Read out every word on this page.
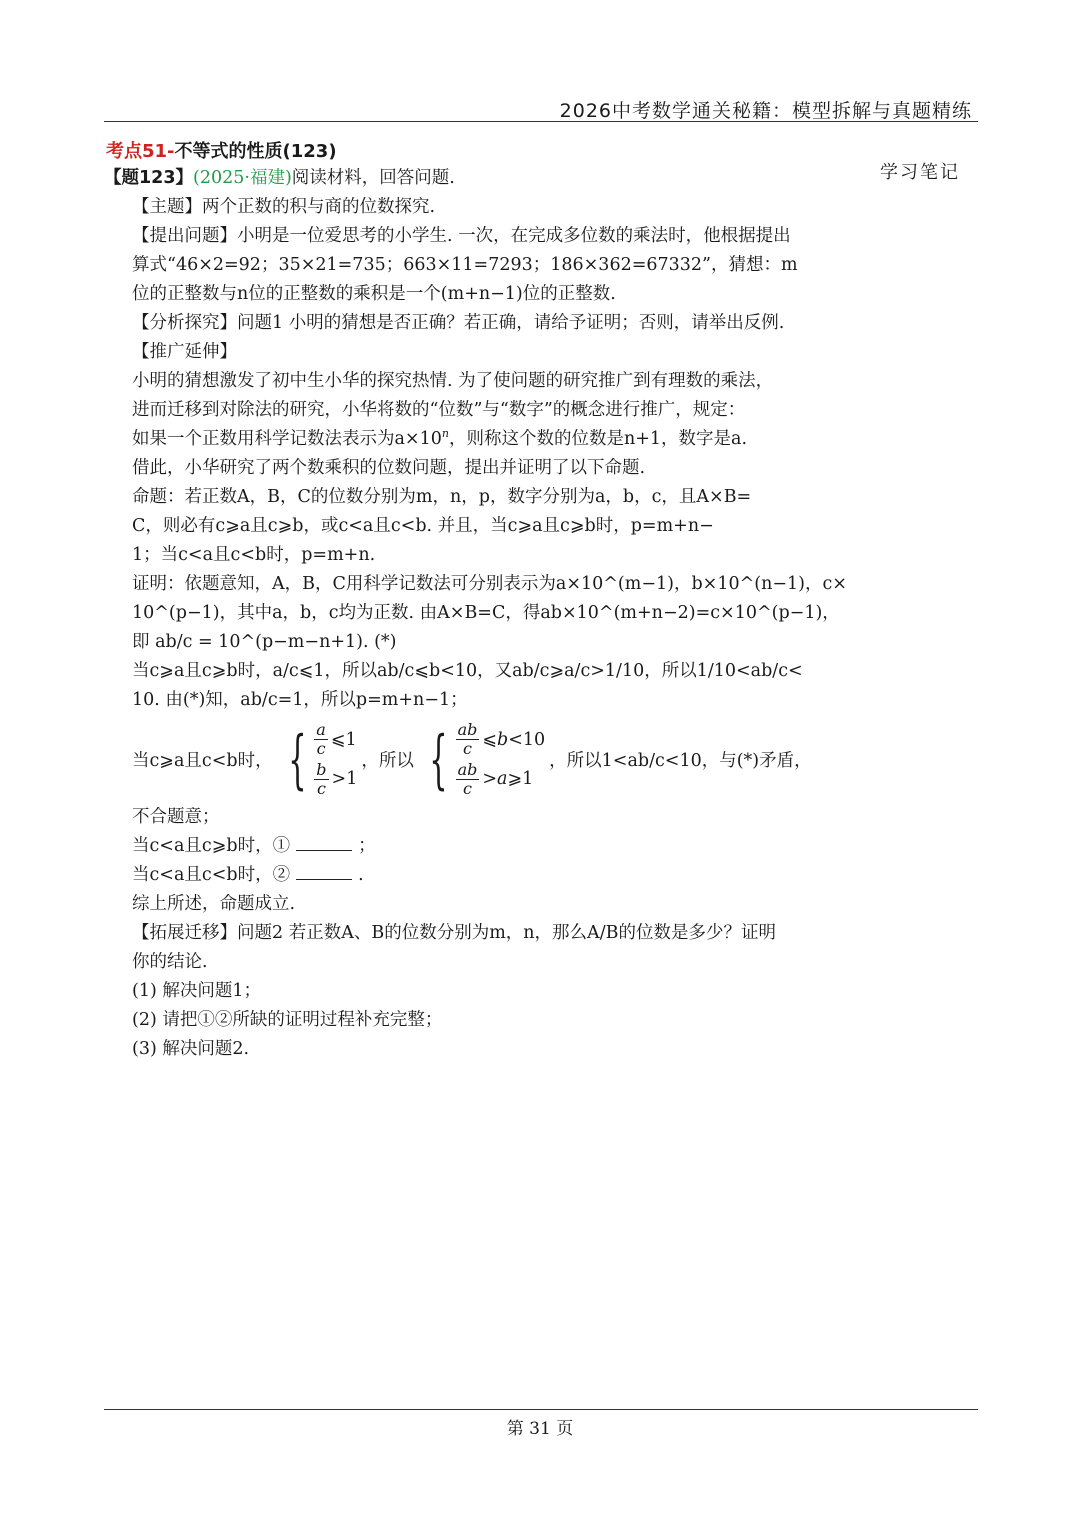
2026中考数学通关秘籍：模型拆解与真题精练
考点51-不等式的性质(123)
学习笔记
【题123】(2025·福建)阅读材料，回答问题.
【主题】两个正数的积与商的位数探究.
【提出问题】小明是一位爱思考的小学生. 一次，在完成多位数的乘法时，他根据提出
算式“46×2=92；35×21=735；663×11=7293；186×362=67332”，猜想：m
位的正整数与n位的正整数的乘积是一个(m+n−1)位的正整数.
【分析探究】问题1 小明的猜想是否正确？若正确，请给予证明；否则，请举出反例.
【推广延伸】
小明的猜想激发了初中生小华的探究热情. 为了使问题的研究推广到有理数的乘法，
进而迁移到对除法的研究，小华将数的“位数”与“数字”的概念进行推广，规定：
如果一个正数用科学记数法表示为$a\times 10^n$，则称这个数的位数是n+1，数字是a.
借此，小华研究了两个数乘积的位数问题，提出并证明了以下命题.
命题：若正数A，B，C的位数分别为m，n，p，数字分别为a，b，c，且A×B=
C，则必有c⩾a且c⩾b，或c<a且c<b. 并且，当c⩾a且c⩾b时，p=m+n−
1；当c<a且c<b时，p=m+n.
证明：依题意知，A，B，C用科学记数法可分别表示为a×10^(m−1)，b×10^(n−1)，c×
10^(p−1)，其中a，b，c均为正数. 由A×B=C，得ab×10^(m+n−2)=c×10^(p−1)，
即 ab/c = 10^(p−m−n+1). (*)
当c⩾a且c⩾b时，a/c⩽1，所以ab/c⩽b<10，又ab/c⩾a/c>1/10，所以1/10<ab/c<
10. 由(*)知，ab/c=1，所以p=m+n−1；
当c⩾a且c<b时， { $\frac{a}{c}$ ⩽1
$\frac{b}{c} >1$
，所以 { $\frac{ab}{c}$ ⩽ b <10
$\frac{ab}{c} > a$ ⩾1
，所以1<ab/c<10，与(*)矛盾，
不合题意；
当c<a且c⩾b时，①	；
当c<a且c<b时，②	.
综上所述，命题成立.
【拓展迁移】问题2 若正数A、B的位数分别为m，n，那么A/B的位数是多少？证明
你的结论.
(1) 解决问题1；
(2) 请把①②所缺的证明过程补充完整；
(3) 解决问题2.
第 31 页
